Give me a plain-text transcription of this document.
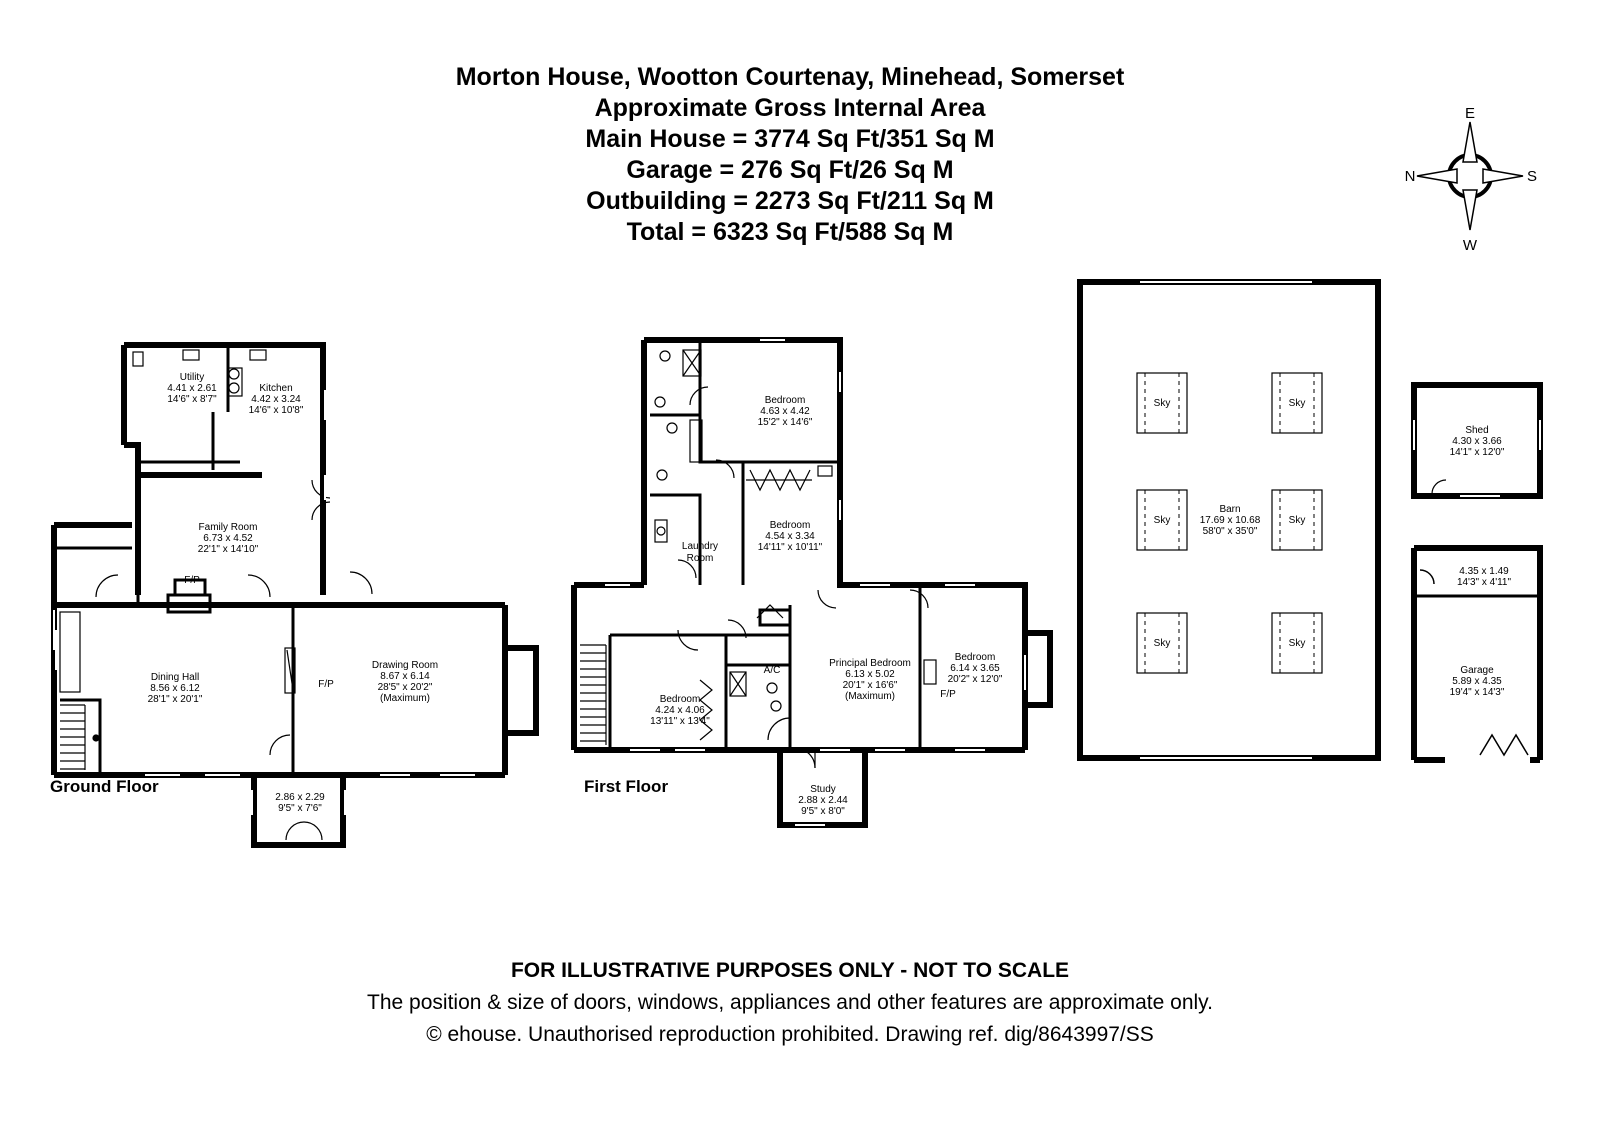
Morton House, Wootton Courtenay, Minehead, Somerset
Approximate Gross Internal Area
Main House = 3774 Sq Ft/351 Sq M
Garage = 276 Sq Ft/26 Sq M
Outbuilding = 2273 Sq Ft/211 Sq M
Total = 6323 Sq Ft/588 Sq M
E
W
N	S
Utility
4.41 x 2.61
14'6" x 8'7"
Kitchen
4.42 x 3.24
14'6" x 10'8"
Family Room
6.73 x 4.52
22'1" x 14'10"
F/P
Dining Hall
8.56 x 6.12
28'1" x 20'1"
F/P
Drawing Room
8.67 x 6.14
28'5" x 20'2"
(Maximum)
2.86 x 2.29
9'5" x 7'6"
Ground Floor
Bedroom
4.63 x 4.42
15'2" x 14'6"
Bedroom
4.54 x 3.34
14'11" x 10'11"
Laundry
Room
A/C
Bedroom
4.24 x 4.06
13'11" x 13'4"
Principal Bedroom
6.13 x 5.02
20'1" x 16'6"
(Maximum)
Bedroom
6.14 x 3.65
20'2" x 12'0"
F/P
Study
2.88 x 2.44
9'5" x 8'0"
First Floor
Sky	Sky
Sky	Sky
Sky	Sky
Barn
17.69 x 10.68
58'0" x 35'0"
Shed
4.30 x 3.66
14'1" x 12'0"
4.35 x 1.49
14'3" x 4'11"
Garage
5.89 x 4.35
19'4" x 14'3"
FOR ILLUSTRATIVE PURPOSES ONLY - NOT TO SCALE
The position & size of doors, windows, appliances and other features are approximate only.
© ehouse. Unauthorised reproduction prohibited. Drawing ref. dig/8643997/SS
